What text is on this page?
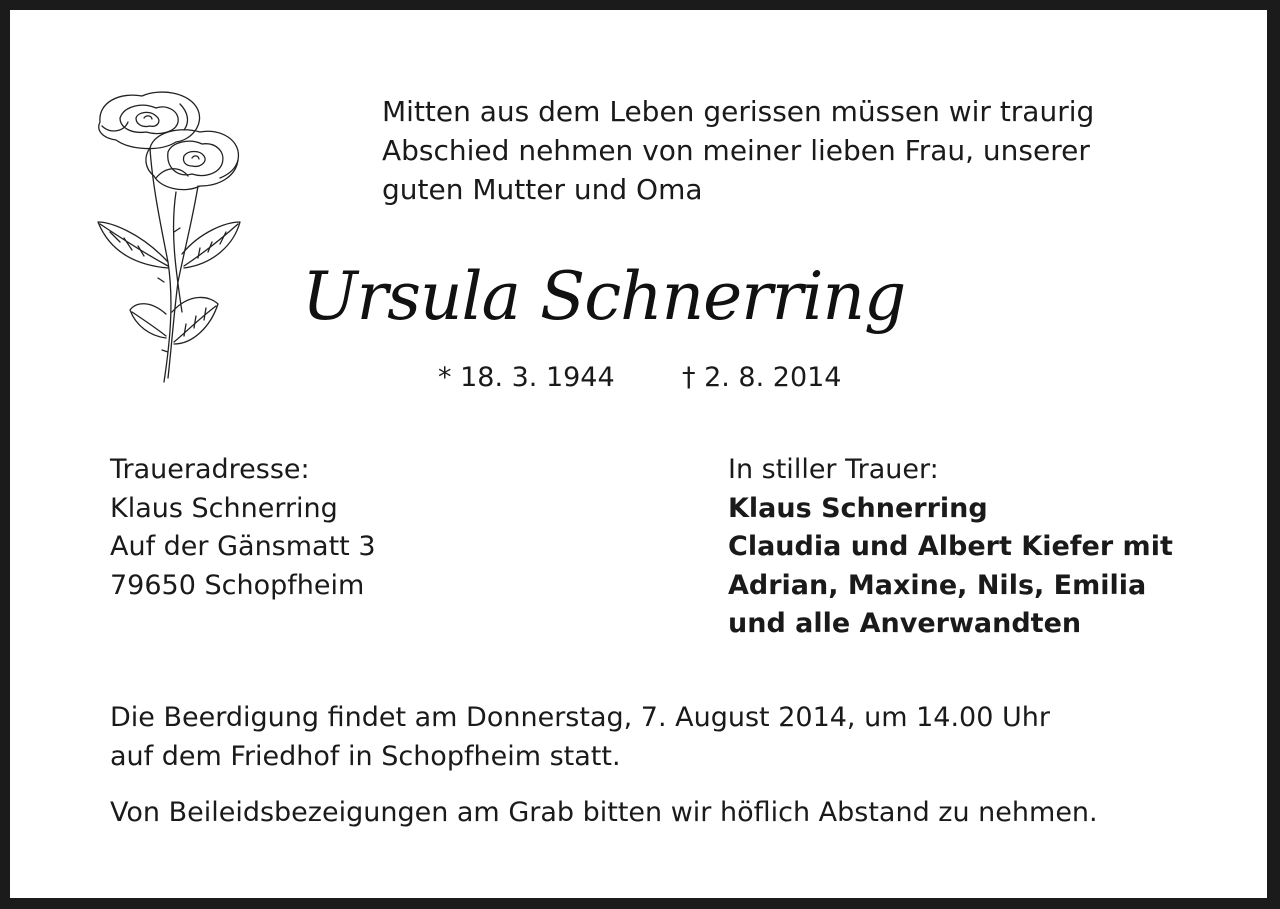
Mitten aus dem Leben gerissen müssen wir traurig
Abschied nehmen von meiner lieben Frau, unserer
guten Mutter und Oma
Ursula Schnerring
* 18. 3. 1944 † 2. 8. 2014
Traueradresse:
Klaus Schnerring
Auf der Gänsmatt 3
79650 Schopfheim
In stiller Trauer:
Klaus Schnerring
Claudia und Albert Kiefer mit
Adrian, Maxine, Nils, Emilia
und alle Anverwandten
Die Beerdigung findet am Donnerstag, 7. August 2014, um 14.00 Uhr
auf dem Friedhof in Schopfheim statt.
Von Beileidsbezeigungen am Grab bitten wir höflich Abstand zu nehmen.
